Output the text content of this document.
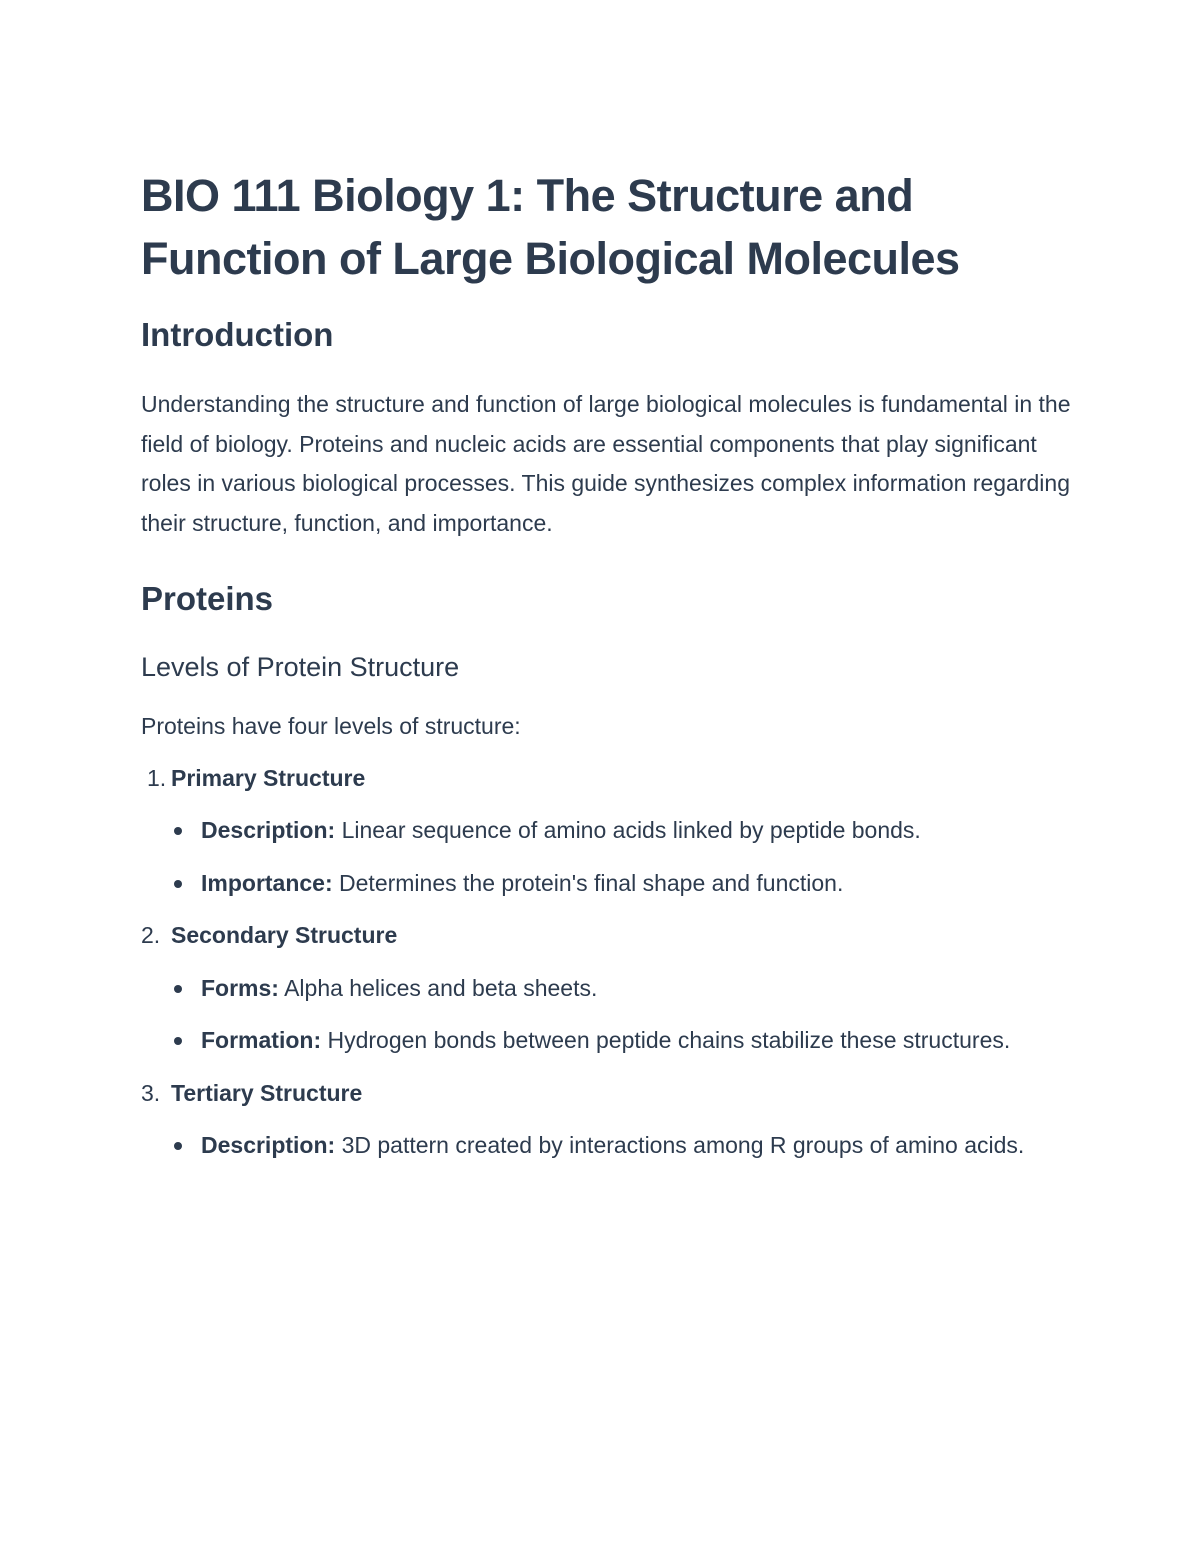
BIO 111 Biology 1: The Structure and Function of Large Biological Molecules
Introduction

Understanding the structure and function of large biological molecules is fundamental in the field of biology. Proteins and nucleic acids are essential components that play significant roles in various biological processes. This guide synthesizes complex information regarding their structure, function, and importance.

Proteins
Levels of Protein Structure

Proteins have four levels of structure:

1. Primary Structure
Description: Linear sequence of amino acids linked by peptide bonds.
Importance: Determines the protein's final shape and function.
2. Secondary Structure
Forms: Alpha helices and beta sheets.
Formation: Hydrogen bonds between peptide chains stabilize these structures.
3. Tertiary Structure
Description: 3D pattern created by interactions among R groups of amino acids.
